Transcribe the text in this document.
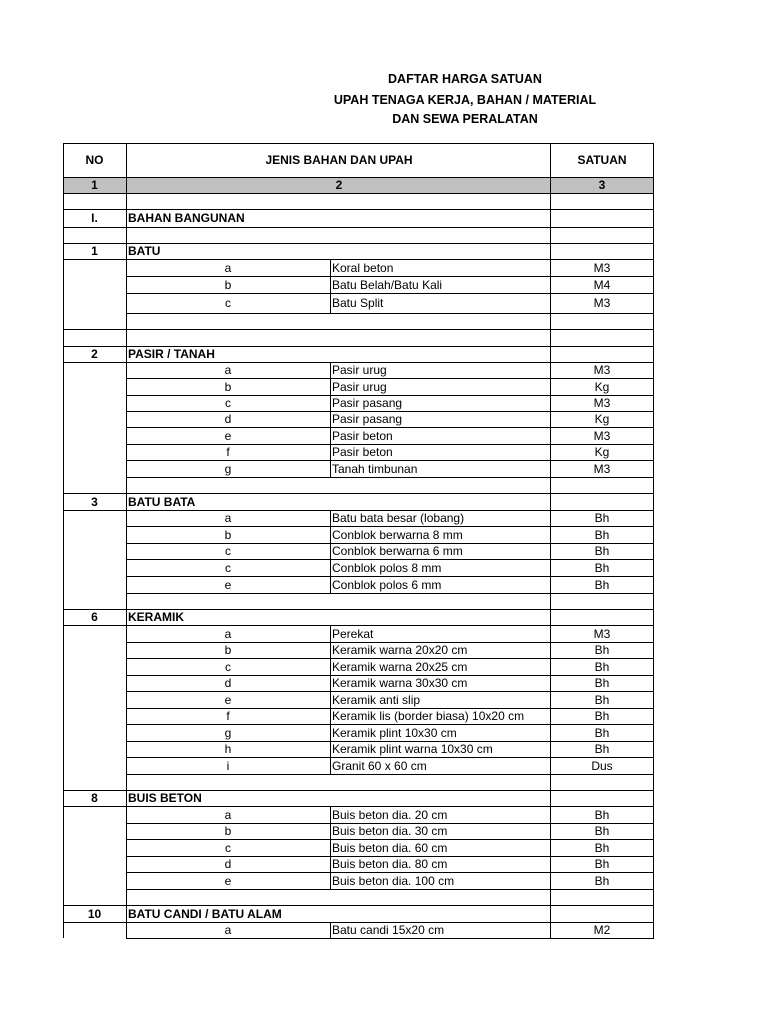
DAFTAR HARGA SATUAN
UPAH TENAGA KERJA, BAHAN / MATERIAL
DAN SEWA PERALATAN
NO	JENIS BAHAN DAN UPAH	SATUAN
1	2	3
I.	BAHAN BANGUNAN
1	BATU
a	Koral beton	M3
b	Batu Belah/Batu Kali	M4
c	Batu Split	M3
2	PASIR / TANAH
a	Pasir urug	M3
b	Pasir urug	Kg
c	Pasir pasang	M3
d	Pasir pasang	Kg
e	Pasir beton	M3
f	Pasir beton	Kg
g	Tanah timbunan	M3
3	BATU BATA
a	Batu bata besar (lobang)	Bh
b	Conblok berwarna 8 mm	Bh
c	Conblok berwarna 6 mm	Bh
c	Conblok polos 8 mm	Bh
e	Conblok polos 6 mm	Bh
6	KERAMIK
a	Perekat	M3
b	Keramik warna 20x20 cm	Bh
c	Keramik warna 20x25 cm	Bh
d	Keramik warna 30x30 cm	Bh
e	Keramik anti slip	Bh
f	Keramik lis (border biasa) 10x20 cm	Bh
g	Keramik plint 10x30 cm	Bh
h	Keramik plint warna 10x30 cm	Bh
i	Granit 60 x 60 cm	Dus
8	BUIS BETON
a	Buis beton dia. 20 cm	Bh
b	Buis beton dia. 30 cm	Bh
c	Buis beton dia. 60 cm	Bh
d	Buis beton dia. 80 cm	Bh
e	Buis beton dia. 100 cm	Bh
10	BATU CANDI / BATU ALAM
a	Batu candi 15x20 cm	M2
